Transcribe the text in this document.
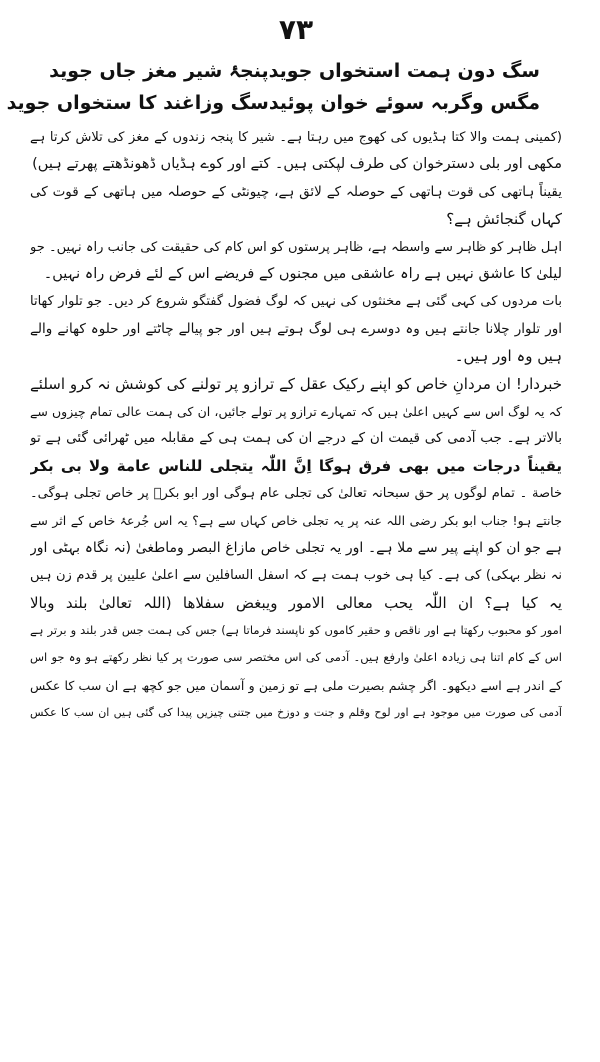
۷۳
سگ دون ہمت استخواں جوید
پنجۂ شیر مغز جاں جوید
مگس وگربہ سوئے خوان پوئید
سگ وزاغند کا ستخواں جوید
(کمینی ہمت والا کتا ہڈیوں کی کھوج میں رہتا ہے۔ شیر کا پنجہ زندوں کے مغز کی تلاش کرتا ہے
مکھی اور بلی دسترخوان کی طرف لپکتی ہیں۔ کتے اور کوے ہڈیاں ڈھونڈھتے پھرتے ہیں)
یقیناً ہاتھی کی قوت ہاتھی کے حوصلہ کے لائق ہے، چیونٹی کے حوصلہ میں ہاتھی کے قوت کی
کہاں گنجائش ہے؟
اہل ظاہر کو ظاہر سے واسطہ ہے، ظاہر پرستوں کو اس کام کی حقیقت کی جانب راہ نہیں۔ جو
لیلیٰ کا عاشق نہیں ہے راہ عاشقی میں مجنوں کے فریضے اس کے لئے فرض راہ نہیں۔
بات مردوں کی کہی گئی ہے مخنثوں کی نہیں کہ لوگ فضول گفتگو شروع کر دیں۔ جو تلوار کھاتا
اور تلوار چلانا جانتے ہیں وہ دوسرے ہی لوگ ہوتے ہیں اور جو پیالے چاٹتے اور حلوہ کھانے والے
ہیں وہ اور ہیں۔
خبردار! ان مردانِ خاص کو اپنے رکیک عقل کے ترازو پر تولنے کی کوشش نہ کرو اسلئے
کہ یہ لوگ اس سے کہیں اعلیٰ ہیں کہ تمہارے ترازو پر تولے جائیں، ان کی ہمت عالی تمام چیزوں سے
بالاتر ہے۔ جب آدمی کی قیمت ان کے درجے ان کی ہمت ہی کے مقابلہ میں ٹھرائی گئی ہے تو
یقیناً درجات میں بھی فرق ہوگا اِنَّ اللّٰہ یتجلی للناس عامة ولا بی بکر
خاصة ۔ تمام لوگوں پر حق سبحانہ تعالیٰ کی تجلی عام ہوگی اور ابو بکرؓ پر خاص تجلی ہوگی۔
جانتے ہو! جناب ابو بکر رضی اللہ عنہ پر یہ تجلی خاص کہاں سے ہے؟ یہ اس جُرعۂ خاص کے اثر سے
ہے جو ان کو اپنے پیر سے ملا ہے۔ اور یہ تجلی خاص مازاغ البصر وماطغیٰ (نہ نگاہ بہٹی اور
نہ نظر بہکی) کی ہے۔ کیا ہی خوب ہمت ہے کہ اسفل السافلین سے اعلیٰ علیین پر قدم زن ہیں
یہ کیا ہے؟ ان اللّٰہ یحب معالی الامور ویبغض سفلاھا (اللہ تعالیٰ بلند وبالا
امور کو محبوب رکھتا ہے اور ناقص و حقیر کاموں کو ناپسند فرماتا ہے) جس کی ہمت جس قدر بلند و برتر ہے
اس کے کام اتنا ہی زیادہ اعلیٰ وارفع ہیں۔ آدمی کی اس مختصر سی صورت پر کیا نظر رکھتے ہو وہ جو اس
کے اندر ہے اسے دیکھو۔ اگر چشم بصیرت ملی ہے تو زمین و آسمان میں جو کچھ ہے ان سب کا عکس
آدمی کی صورت میں موجود ہے اور لوح وقلم و جنت و دوزخ میں جتنی چیزیں پیدا کی گئی ہیں ان سب کا عکس
